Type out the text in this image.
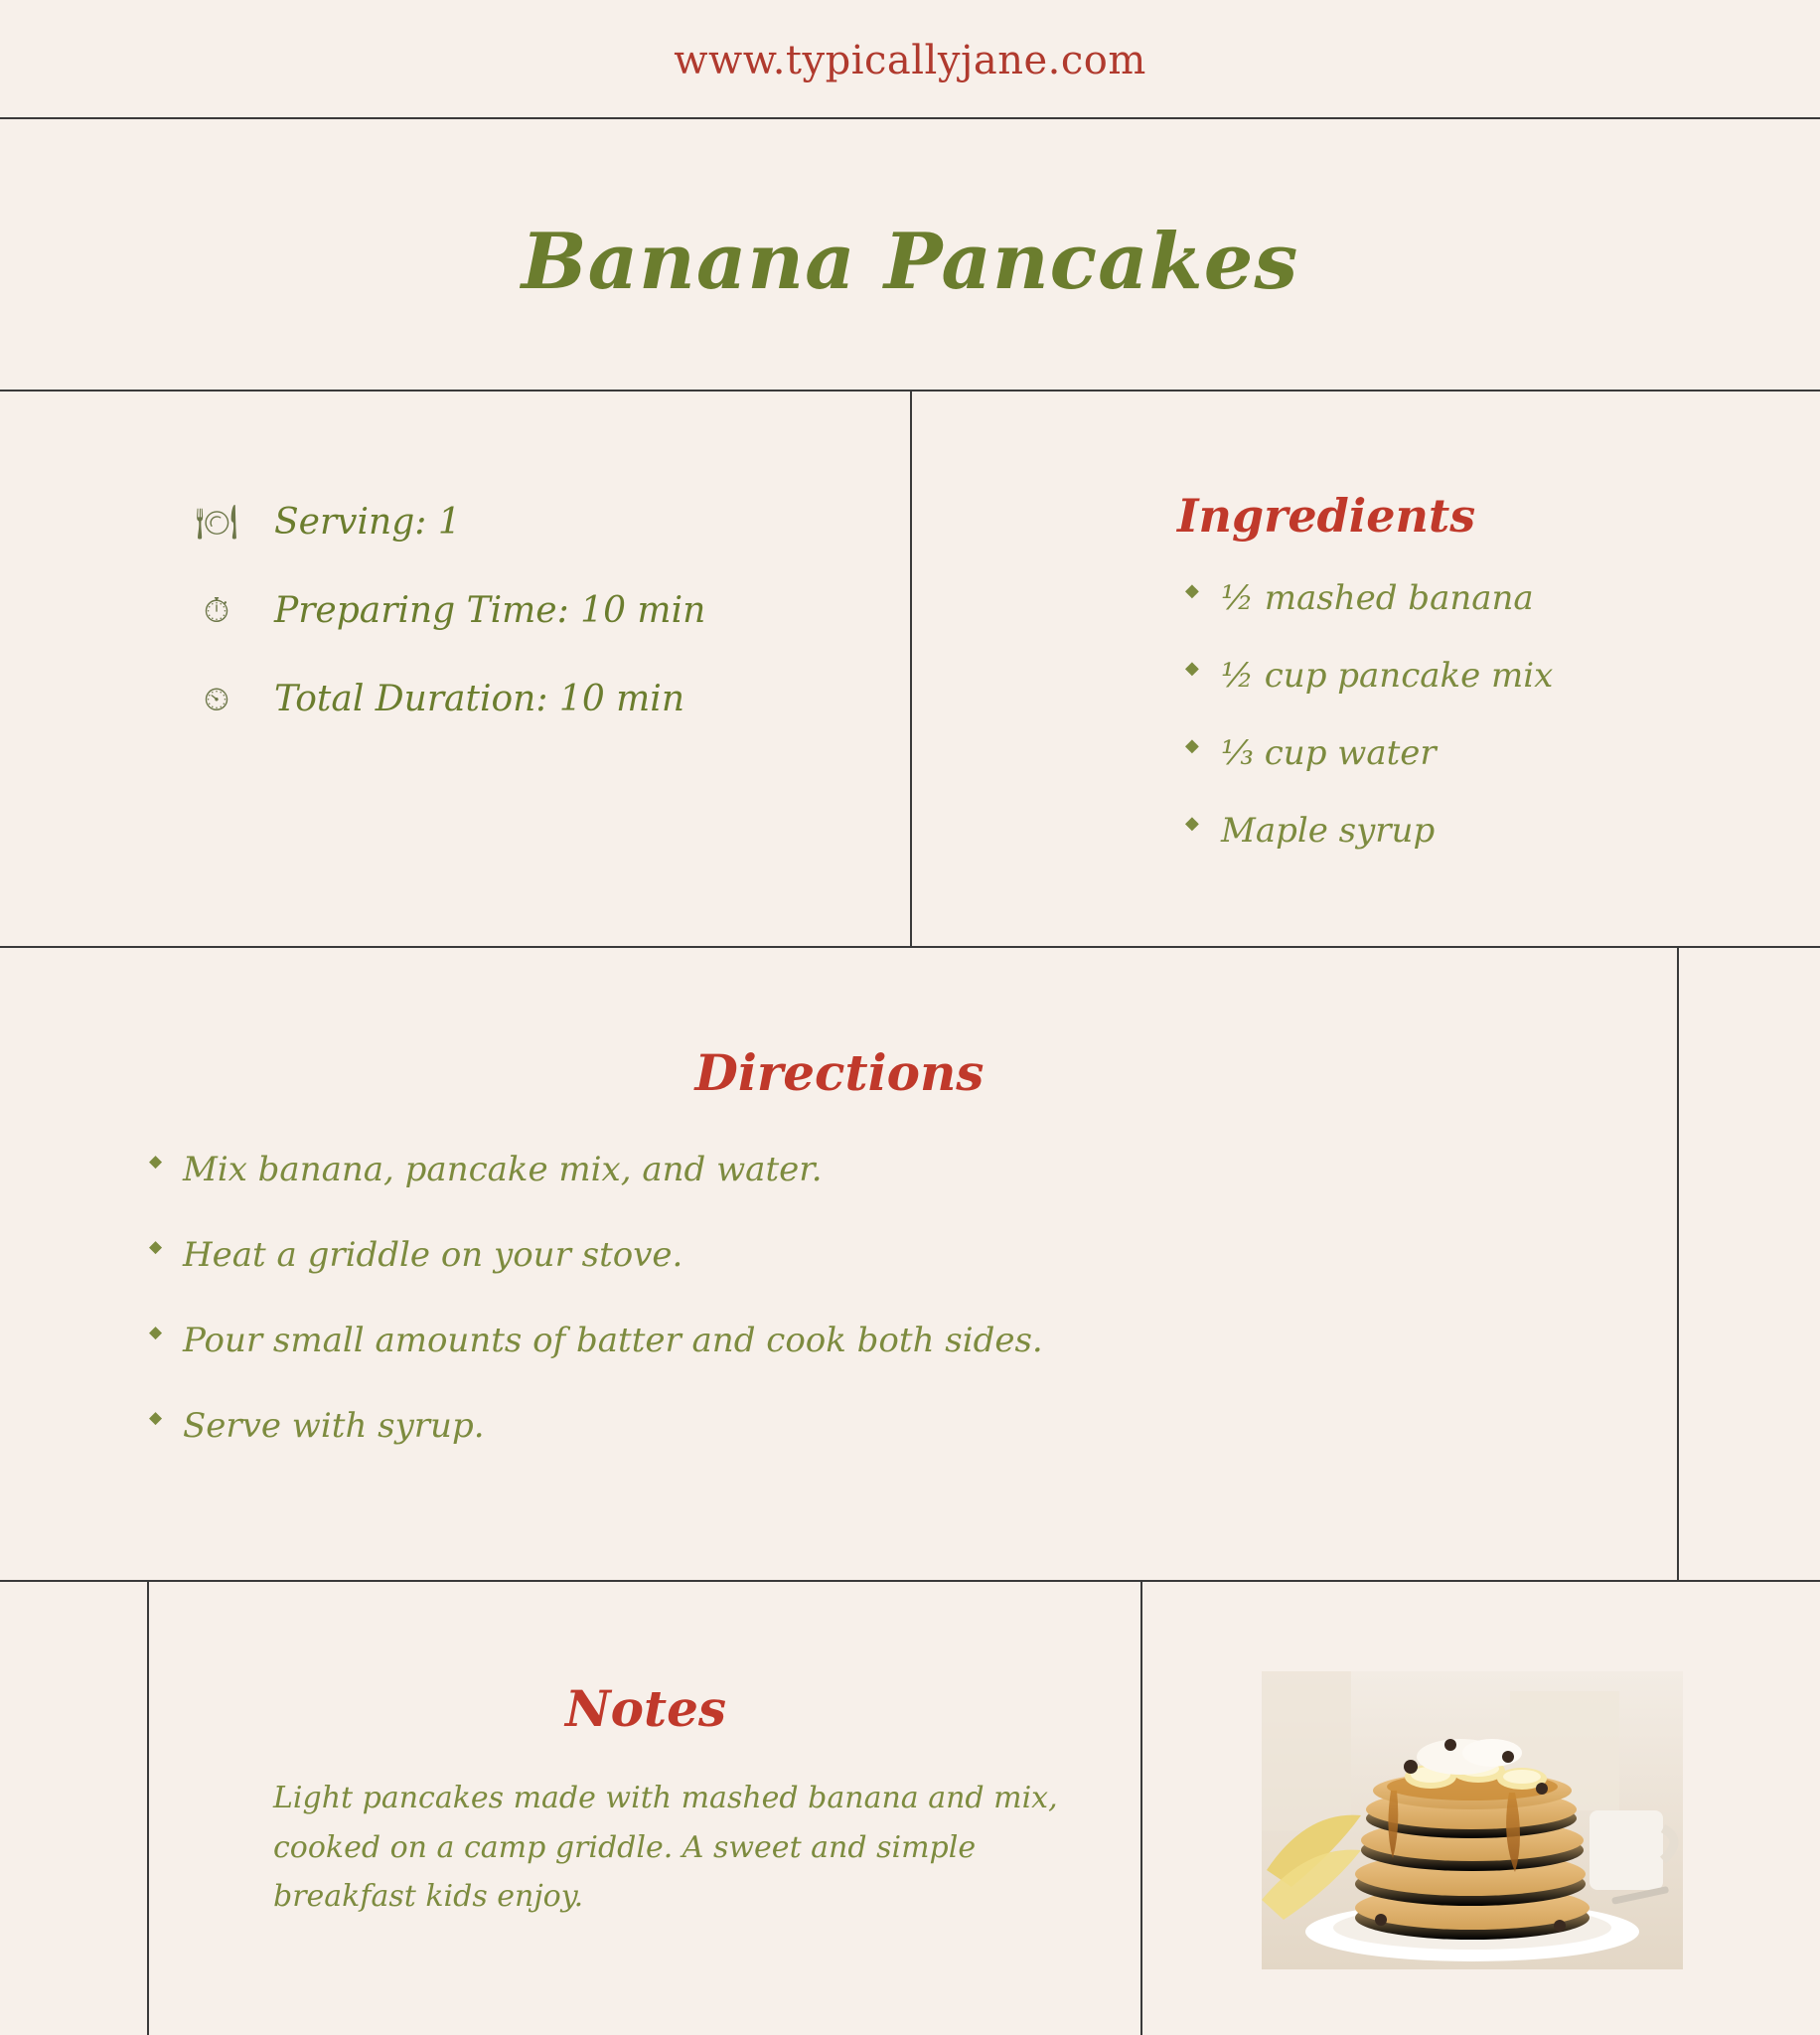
www.typicallyjane.com
Banana Pancakes
🍽 Serving: 1
⏱	Preparing Time: 10 min
⏲	Total Duration: 10 min
Ingredients
◆ ½ mashed banana
◆ ½ cup pancake mix
◆ ⅓ cup water
◆ Maple syrup
Directions
◆ Mix banana, pancake mix, and water.
◆ Heat a griddle on your stove.
◆ Pour small amounts of batter and cook both sides.
◆ Serve with syrup.
Notes
Light pancakes made with mashed banana and mix, cooked on a camp griddle. A sweet and simple breakfast kids enjoy.
